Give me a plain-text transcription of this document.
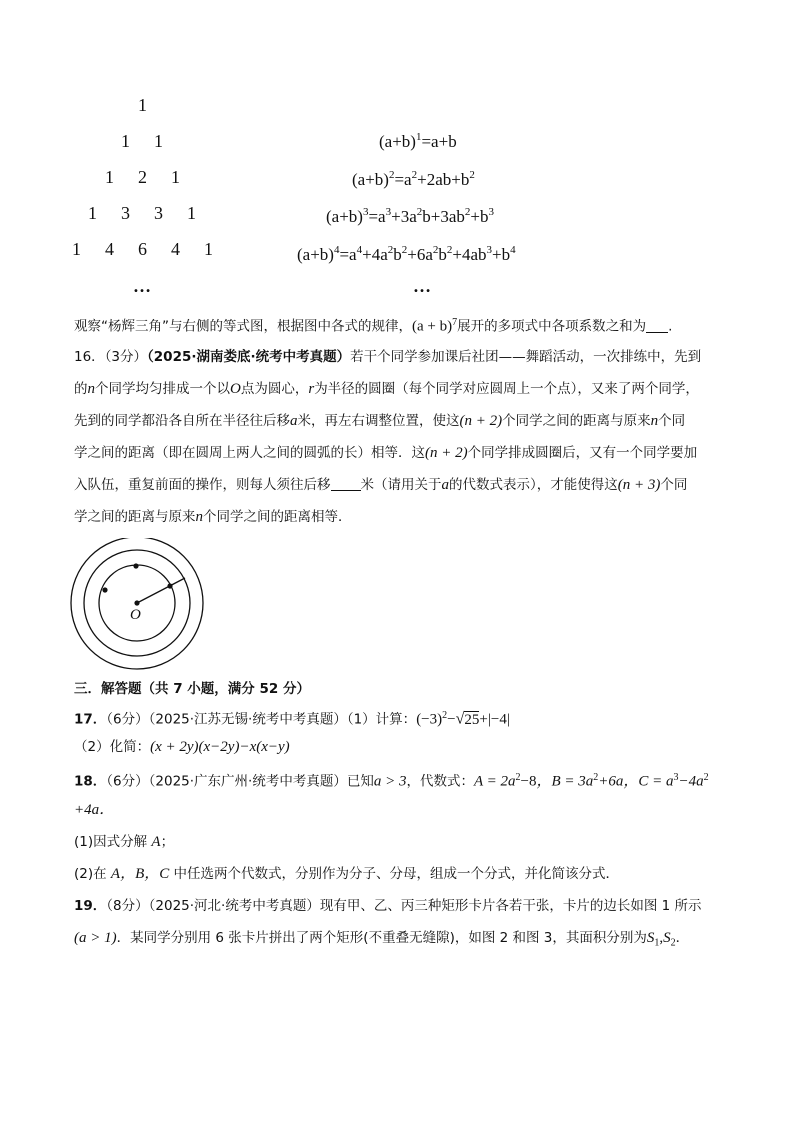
1
1 1
1 2 1
1 3 3 1
1 4 6 4 1
…
$(a+b)^1=a+b$
$(a+b)^2=a^2+2ab+b^2$
$(a+b)^3=a^3+3a^2b+3ab^2+b^3$
$(a+b)^4=a^4+4a^2b^2+6a^2b^2+4ab^3+b^4$
…
观察“杨辉三角”与右侧的等式图，根据图中各式的规律，$(a + b)^7$展开的多项式中各项系数之和为 .
16．（3分）（2025·湖南娄底·统考中考真题）若干个同学参加课后社团——舞蹈活动，一次排练中，先到
的n个同学均匀排成一个以O点为圆心，r为半径的圆圈（每个同学对应圆周上一个点），又来了两个同学，
先到的同学都沿各自所在半径往后移a米，再左右调整位置，使这(n + 2)个同学之间的距离与原来n个同
学之间的距离（即在圆周上两人之间的圆弧的长）相等．这(n + 2)个同学排成圆圈后，又有一个同学要加
入队伍，重复前面的操作，则每人须往后移 米（请用关于a的代数式表示），才能使得这(n + 3)个同
学之间的距离与原来n个同学之间的距离相等．
O
三．解答题（共 7 小题，满分 52 分）
17．（6分）（2025·江苏无锡·统考中考真题）（1）计算：$(-3)^2-√25+|-4|$
（2）化简：(x + 2y)(x−2y)−x(x−y)
18．（6分）（2025·广东广州·统考中考真题）已知a > 3，代数式：$A = 2a^2-8$，$B = 3a^2+6a$，$C = a^3-4a^2$
+4a．
(1)因式分解 A；
(2)在 A，B，C 中任选两个代数式，分别作为分子、分母，组成一个分式，并化简该分式．
19．（8分）（2025·河北·统考中考真题）现有甲、乙、丙三种矩形卡片各若干张，卡片的边长如图 1 所示
(a > 1)．某同学分别用 6 张卡片拼出了两个矩形(不重叠无缝隙)，如图 2 和图 3，其面积分别为$S_1,S_2$．
